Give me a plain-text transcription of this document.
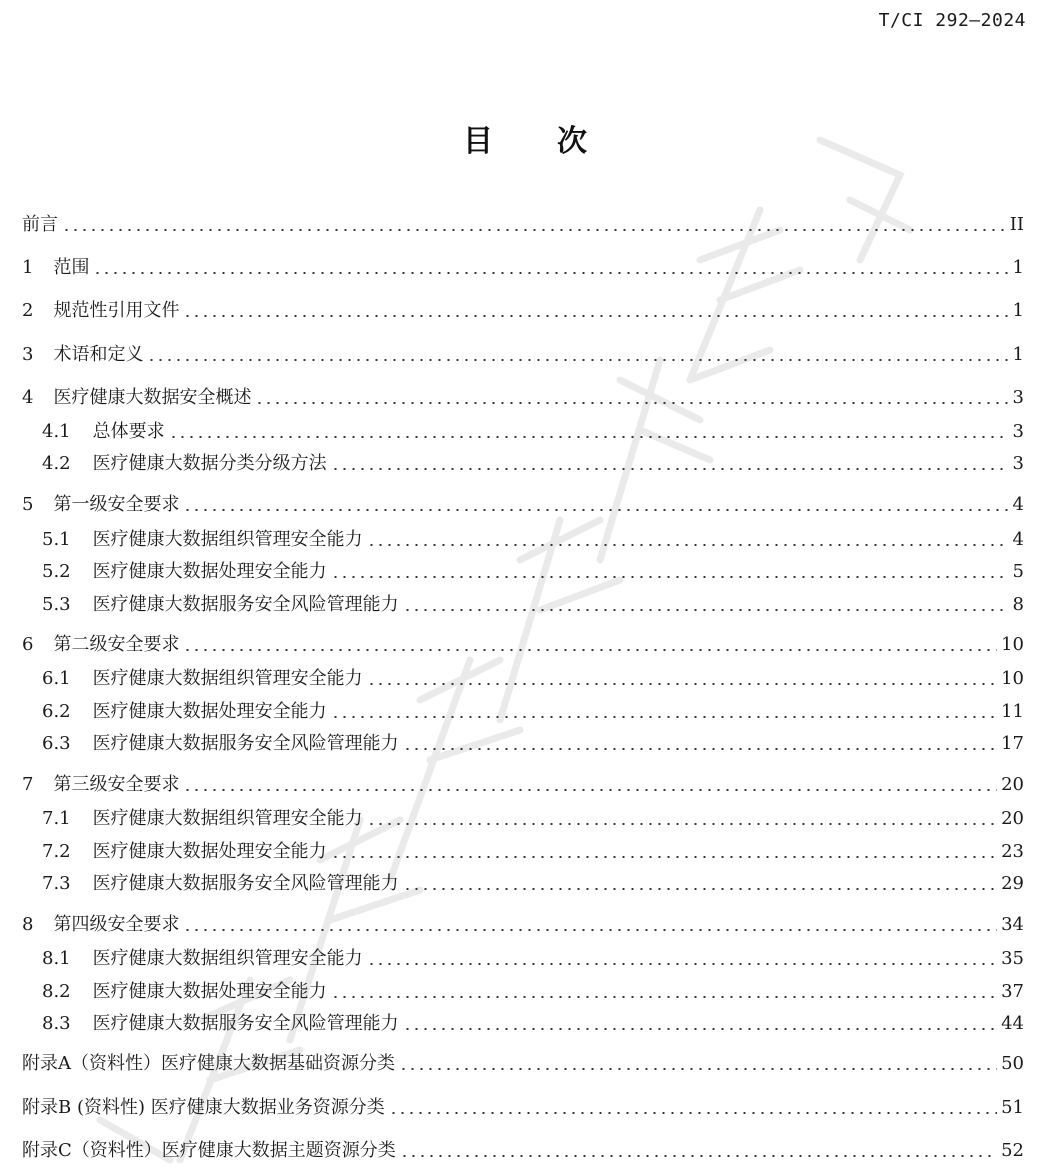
T/CI 292—2024
目次
前言	II
1 范围	1
2 规范性引用文件	1
3 术语和定义	1
4 医疗健康大数据安全概述	3
4.1 总体要求	3
4.2 医疗健康大数据分类分级方法	3
5 第一级安全要求	4
5.1 医疗健康大数据组织管理安全能力	4
5.2 医疗健康大数据处理安全能力	5
5.3 医疗健康大数据服务安全风险管理能力	8
6 第二级安全要求	10
6.1 医疗健康大数据组织管理安全能力	10
6.2 医疗健康大数据处理安全能力	11
6.3 医疗健康大数据服务安全风险管理能力	17
7 第三级安全要求	20
7.1 医疗健康大数据组织管理安全能力	20
7.2 医疗健康大数据处理安全能力	23
7.3 医疗健康大数据服务安全风险管理能力	29
8 第四级安全要求	34
8.1 医疗健康大数据组织管理安全能力	35
8.2 医疗健康大数据处理安全能力	37
8.3 医疗健康大数据服务安全风险管理能力	44
附录A（资料性）医疗健康大数据基础资源分类	50
附录B (资料性) 医疗健康大数据业务资源分类	51
附录C（资料性）医疗健康大数据主题资源分类	52
